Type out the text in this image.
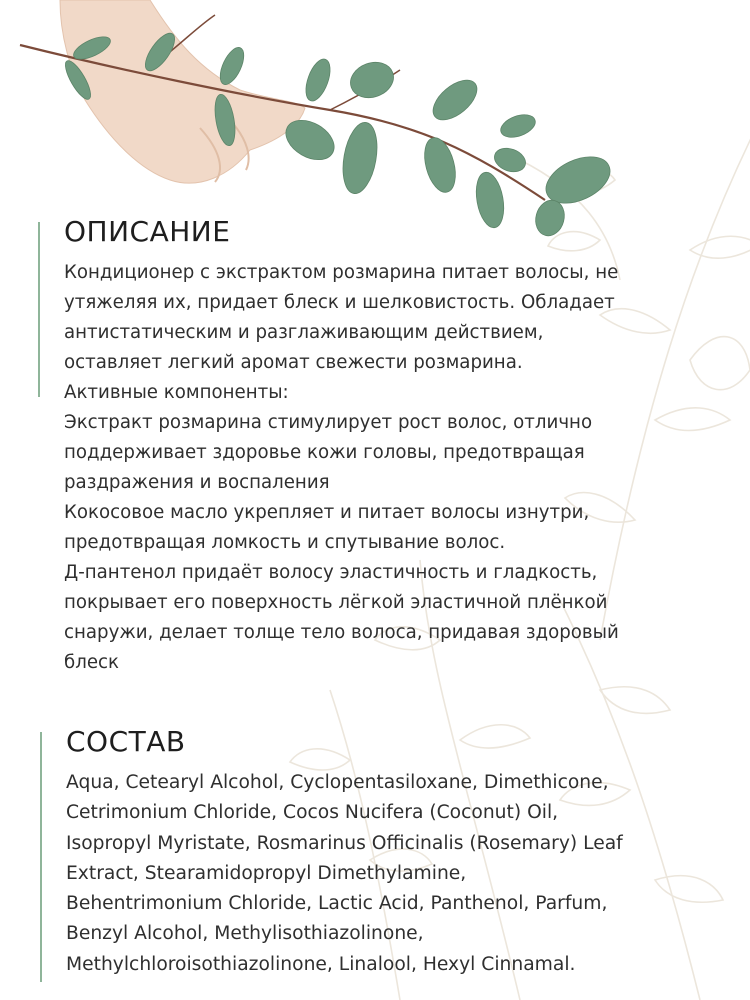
ОПИСАНИЕ
Кондиционер с экстрактом розмарина питает волосы, не
утяжеляя их, придает блеск и шелковистость. Обладает
антистатическим и разглаживающим действием,
оставляет легкий аромат свежести розмарина.
Активные компоненты:
Экстракт розмарина стимулирует рост волос, отлично
поддерживает здоровье кожи головы, предотвращая
раздражения и воспаления
Кокосовое масло укрепляет и питает волосы изнутри,
предотвращая ломкость и спутывание волос.
Д-пантенол придаёт волосу эластичность и гладкость,
покрывает его поверхность лёгкой эластичной плёнкой
снаружи, делает толще тело волоса, придавая здоровый
блеск
СОСТАВ
Aqua, Cetearyl Alcohol, Cyclopentasiloxane, Dimethicone,
Cetrimonium Chloride, Cocos Nucifera (Coconut) Oil,
Isopropyl Myristate, Rosmarinus Officinalis (Rosemary) Leaf
Extract, Stearamidopropyl Dimethylamine,
Behentrimonium Chloride, Lactic Acid, Panthenol, Parfum,
Benzyl Alcohol, Methylisothiazolinone,
Methylchloroisothiazolinone, Linalool, Hexyl Cinnamal.
